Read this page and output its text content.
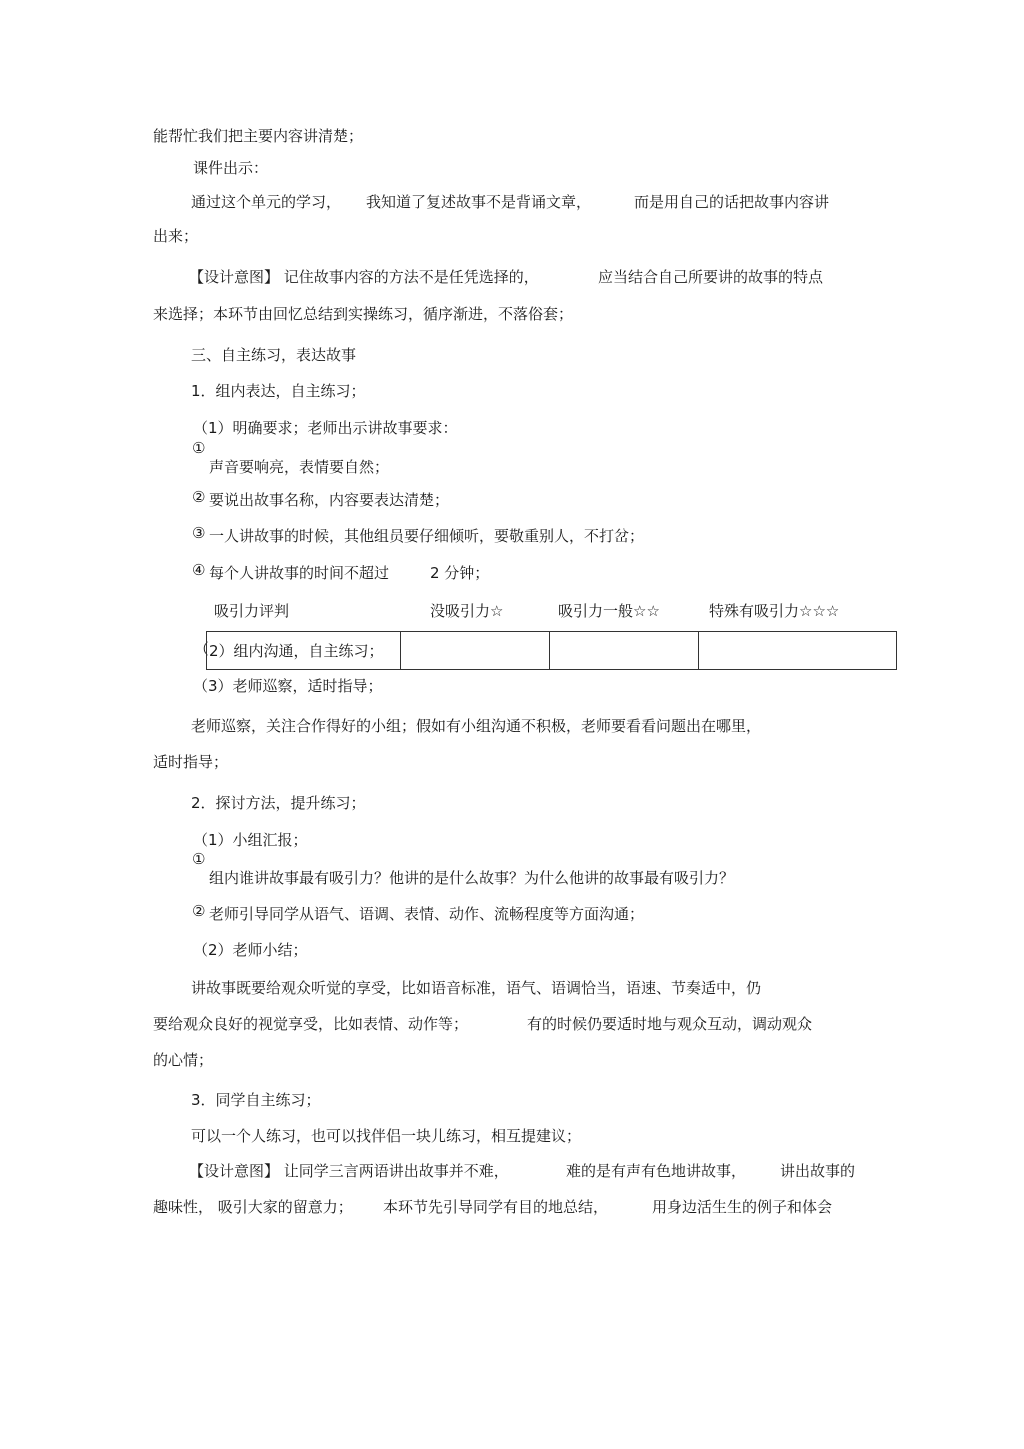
能帮忙我们把主要内容讲清楚；
课件出示：
通过这个单元的学习， 我知道了复述故事不是背诵文章，	而是用自己的话把故事内容讲
出来；
【设计意图】 记住故事内容的方法不是任凭选择的，	应当结合自己所要讲的故事的特点
来选择；本环节由回忆总结到实操练习，循序渐进，不落俗套；
三、自主练习，表达故事
1．组内表达，自主练习；
（1）明确要求；老师出示讲故事要求：
①
声音要响亮，表情要自然；
② 要说出故事名称，内容要表达清楚；
③ 一人讲故事的时候，其他组员要仔细倾听，要敬重别人，不打岔；
④ 每个人讲故事的时间不超过	2 分钟；
吸引力评判	没吸引力☆	吸引力一般☆☆	特殊有吸引力☆☆☆
（ 2）组内沟通，自主练习；			
（3）老师巡察，适时指导；
老师巡察，关注合作得好的小组；假如有小组沟通不积极，老师要看看问题出在哪里，
适时指导；
2．探讨方法，提升练习；
（1）小组汇报；
①
组内谁讲故事最有吸引力？他讲的是什么故事？为什么他讲的故事最有吸引力？
② 老师引导同学从语气、语调、表情、动作、流畅程度等方面沟通；
（2）老师小结；
讲故事既要给观众听觉的享受，比如语音标准，语气、语调恰当，语速、节奏适中，仍
要给观众良好的视觉享受，比如表情、动作等；	有的时候仍要适时地与观众互动，调动观众
的心情；
3．同学自主练习；
可以一个人练习，也可以找伴侣一块儿练习，相互提建议；
【设计意图】 让同学三言两语讲出故事并不难，	难的是有声有色地讲故事， 讲出故事的
趣味性， 吸引大家的留意力； 本环节先引导同学有目的地总结，	用身边活生生的例子和体会
